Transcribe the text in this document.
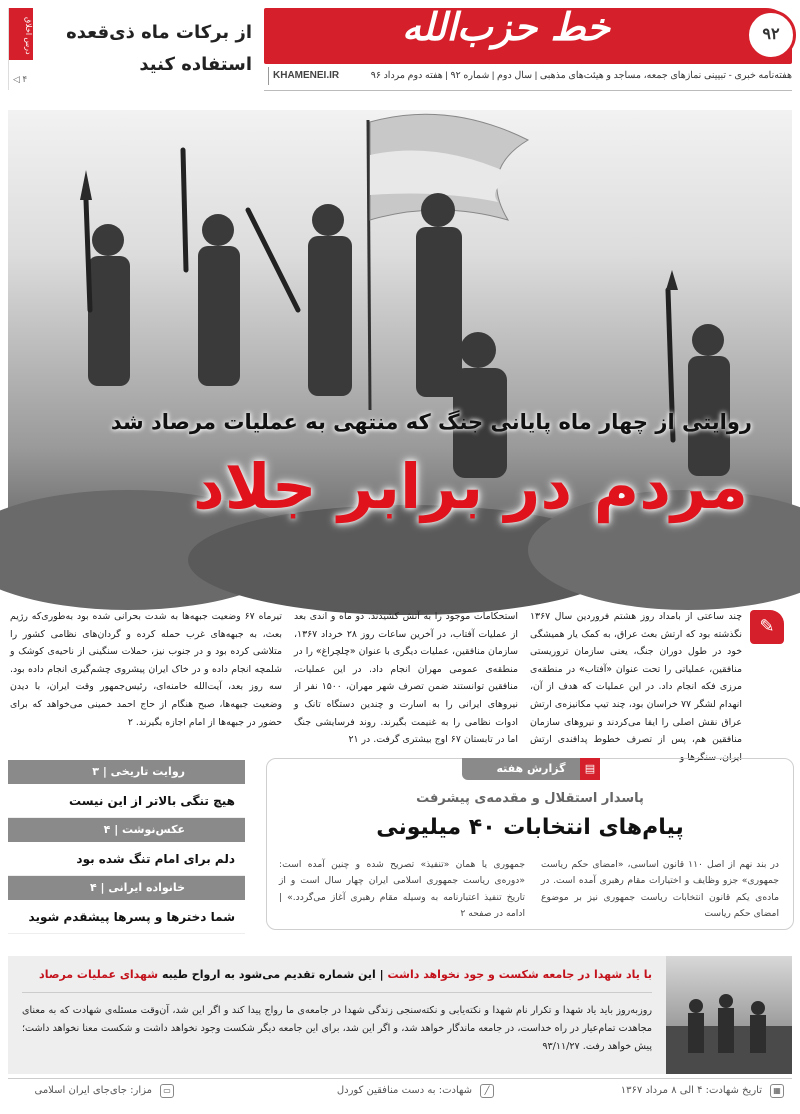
خط حزب‌الله	۹۲
هفته‌نامه خبری - تبیینی نمازهای جمعه، مساجد و هیئت‌های مذهبی | سال دوم | شماره ۹۲ | هفته دوم مرداد ۹۶
KHAMENEI.IR
درس اخلاق از برکات ماه ذی‌قعده
استفاده کنید
◁ ۴
روایتی از چهار ماه پایانی جنگ که منتهی به عملیات مرصاد شد
مردم در برابر جلاد
✎
چند ساعتی از بامداد روز هشتم فروردین سال ۱۳۶۷ نگذشته بود که ارتش بعث عراق، به کمک یار همیشگی خود در طول دوران جنگ، یعنی سازمان تروریستی منافقین، عملیاتی را تحت عنوان «آفتاب» در منطقه‌ی مرزی فکه انجام داد. در این عملیات که هدف از آن، انهدام لشگر ۷۷ خراسان بود، چند تیپ مکانیزه‌ی ارتش عراق نقش اصلی را ایفا می‌کردند و نیروهای سازمان منافقین هم، پس از تصرف خطوط پدافندی ارتش ایران، سنگرها و
استحکامات موجود را به آتش کشیدند. دو ماه و اندی بعد از عملیات آفتاب، در آخرین ساعات روز ۲۸ خرداد ۱۳۶۷، سازمان منافقین، عملیات دیگری با عنوان «چلچراغ» را در منطقه‌ی عمومی مهران انجام داد. در این عملیات، منافقین توانستند ضمن تصرف شهر مهران، ۱۵۰۰ نفر از نیروهای ایرانی را به اسارت و چندین دستگاه تانک و ادوات نظامی را به غنیمت بگیرند. روند فرسایشی جنگ اما در تابستان ۶۷ اوج بیشتری گرفت. در ۲۱
تیرماه ۶۷ وضعیت جبهه‌ها به شدت بحرانی شده بود به‌طوری‌که رژیم بعث، به جبهه‌های غرب حمله کرده و گردان‌های نظامی کشور را متلاشی کرده بود و در جنوب نیز، حملات سنگینی از ناحیه‌ی کوشک و شلمچه انجام داده و در خاک ایران پیشروی چشم‌گیری انجام داده بود. سه روز بعد، آیت‌الله خامنه‌ای، رئیس‌جمهور وقت ایران، با دیدن وضعیت جبهه‌ها، صبح هنگام از حاج احمد خمینی می‌خواهد که برای حضور در جبهه‌ها از امام اجازه بگیرند. ۲
روایت تاریخی | ۳
هیچ تنگی بالاتر از این نیست
عکس‌نوشت | ۴
دلم برای امام تنگ شده بود
خانواده ایرانی | ۴
شما دخترها و پسرها پیشقدم شوید
▤
گزارش هفته
پاسدار استقلال و مقدمه‌ی پیشرفت
پیام‌های انتخابات ۴۰ میلیونی
در بند نهم از اصل ۱۱۰ قانون اساسی، «امضای حکم ریاست جمهوری» جزو وظایف و اختیارات مقام رهبری آمده است. در ماده‌ی یکم قانون انتخابات ریاست جمهوری نیز بر موضوع امضای حکم ریاست
جمهوری یا همان «تنفیذ» تصریح شده و چنین آمده است: «دوره‌ی ریاست جمهوری اسلامی ایران چهار سال است و از تاریخ تنفیذ اعتبارنامه به وسیله مقام رهبری آغاز می‌گردد.» | ادامه در صفحه ۲
با یاد شهدا در جامعه شکست و جود نخواهد داشت | این شماره تقدیم می‌شود به ارواح طیبه شهدای عملیات مرصاد
روزبه‌روز باید یاد شهدا و تکرار نام شهدا و نکته‌یابی و نکته‌سنجی زندگی شهدا در جامعه‌ی ما رواج پیدا کند و اگر این شد، آن‌وقت مسئله‌ی شهادت که به معنای مجاهدت تمام‌عیار در راه خداست، در جامعه ماندگار خواهد شد، و اگر این شد، برای این جامعه دیگر شکست وجود نخواهد داشت و شکست معنا نخواهد داشت؛ پیش خواهد رفت. ۹۳/۱۱/۲۷
▦
تاریخ شهادت: ۴ الی ۸ مرداد ۱۳۶۷
╱
شهادت: به دست منافقین کوردل
▭
مزار: جای‌جای ایران اسلامی
